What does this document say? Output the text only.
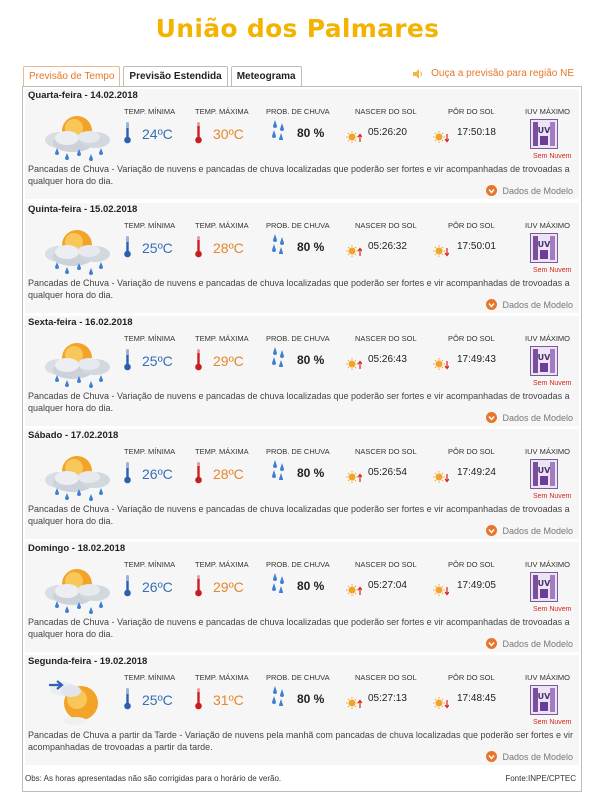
União dos Palmares
Previsão de Tempo	Previsão Estendida	Meteograma	Ouça a previsão para região NE
Quarta-feira - 14.02.2018
TEMP. MÍNIMA
24ºC
TEMP. MÁXIMA
30ºC
PROB. DE CHUVA
80 %
NASCER DO SOL
05:26:20
PÔR DO SOL
17:50:18
IUV MÁXIMO
UV
Sem Nuvem
Pancadas de Chuva - Variação de nuvens e pancadas de chuva localizadas que poderão ser fortes e vir acompanhadas de trovoadas a qualquer hora do dia.
Dados de Modelo
Quinta-feira - 15.02.2018
TEMP. MÍNIMA
25ºC
TEMP. MÁXIMA
28ºC
PROB. DE CHUVA
80 %
NASCER DO SOL
05:26:32
PÔR DO SOL
17:50:01
IUV MÁXIMO
UV
Sem Nuvem
Pancadas de Chuva - Variação de nuvens e pancadas de chuva localizadas que poderão ser fortes e vir acompanhadas de trovoadas a qualquer hora do dia.
Dados de Modelo
Sexta-feira - 16.02.2018
TEMP. MÍNIMA
25ºC
TEMP. MÁXIMA
29ºC
PROB. DE CHUVA
80 %
NASCER DO SOL
05:26:43
PÔR DO SOL
17:49:43
IUV MÁXIMO
UV
Sem Nuvem
Pancadas de Chuva - Variação de nuvens e pancadas de chuva localizadas que poderão ser fortes e vir acompanhadas de trovoadas a qualquer hora do dia.
Dados de Modelo
Sábado - 17.02.2018
TEMP. MÍNIMA
26ºC
TEMP. MÁXIMA
28ºC
PROB. DE CHUVA
80 %
NASCER DO SOL
05:26:54
PÔR DO SOL
17:49:24
IUV MÁXIMO
UV
Sem Nuvem
Pancadas de Chuva - Variação de nuvens e pancadas de chuva localizadas que poderão ser fortes e vir acompanhadas de trovoadas a qualquer hora do dia.
Dados de Modelo
Domingo - 18.02.2018
TEMP. MÍNIMA
26ºC
TEMP. MÁXIMA
29ºC
PROB. DE CHUVA
80 %
NASCER DO SOL
05:27:04
PÔR DO SOL
17:49:05
IUV MÁXIMO
UV
Sem Nuvem
Pancadas de Chuva - Variação de nuvens e pancadas de chuva localizadas que poderão ser fortes e vir acompanhadas de trovoadas a qualquer hora do dia.
Dados de Modelo
Segunda-feira - 19.02.2018
TEMP. MÍNIMA
25ºC
TEMP. MÁXIMA
31ºC
PROB. DE CHUVA
80 %
NASCER DO SOL
05:27:13
PÔR DO SOL
17:48:45
IUV MÁXIMO
UV
Sem Nuvem
Pancadas de Chuva a partir da Tarde - Variação de nuvens pela manhã com pancadas de chuva localizadas que poderão ser fortes e vir acompanhadas de trovoadas a partir da tarde.
Dados de Modelo
Obs: As horas apresentadas não são corrigidas para o horário de verão.	Fonte:INPE/CPTEC
